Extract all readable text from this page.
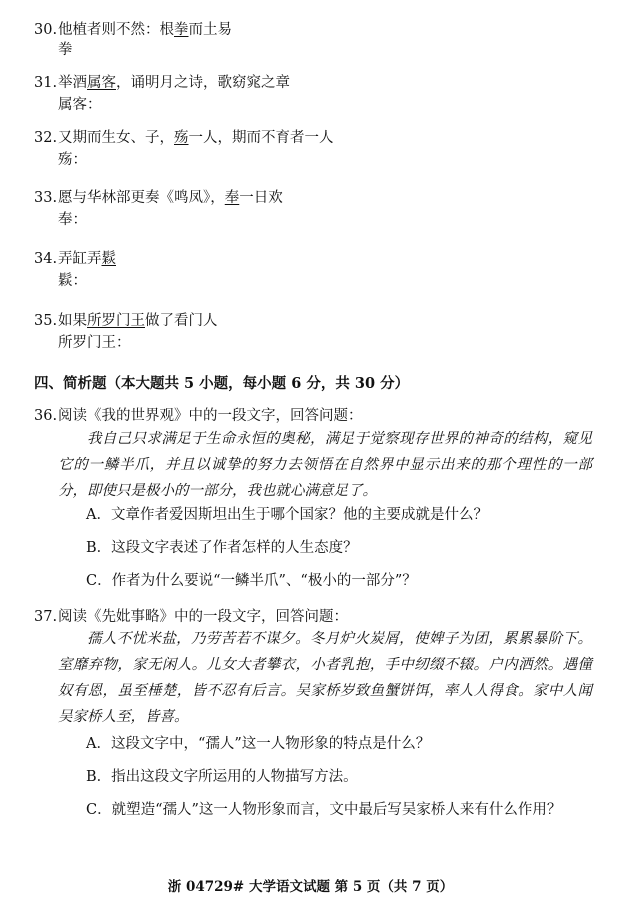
30.他植者则不然：根拳而土易
拳
31.举酒属客，诵明月之诗，歌窈窕之章
属客：
32.又期而生女、子，殇一人，期而不育者一人
殇：
33.愿与华林部更奏《鸣凤》，奉一日欢
奉：
34.弄缸弄鬏
鬏：
35.如果所罗门王做了看门人
所罗门王：
四、简析题（本大题共 5 小题，每小题 6 分，共 30 分）
36.阅读《我的世界观》中的一段文字，回答问题：
我自己只求满足于生命永恒的奥秘，满足于觉察现存世界的神奇的结构，窥见它的一鳞半爪，并且以诚挚的努力去领悟在自然界中显示出来的那个理性的一部分，即使只是极小的一部分，我也就心满意足了。
A．文章作者爱因斯坦出生于哪个国家？他的主要成就是什么？
B．这段文字表述了作者怎样的人生态度？
C．作者为什么要说“一鳞半爪”、“极小的一部分”？
37.阅读《先妣事略》中的一段文字，回答问题：
孺人不忧米盐，乃劳苦若不谋夕。冬月炉火炭屑，使婢子为团，累累暴阶下。室靡弃物，家无闲人。儿女大者攀衣，小者乳抱，手中纫缀不辍。户内洒然。遇僮奴有恩，虽至棰楚，皆不忍有后言。吴家桥岁致鱼蟹饼饵，率人人得食。家中人闻吴家桥人至，皆喜。
A．这段文字中，“孺人”这一人物形象的特点是什么？
B．指出这段文字所运用的人物描写方法。
C．就塑造“孺人”这一人物形象而言，文中最后写吴家桥人来有什么作用？
浙 04729# 大学语文试题 第 5 页（共 7 页）
